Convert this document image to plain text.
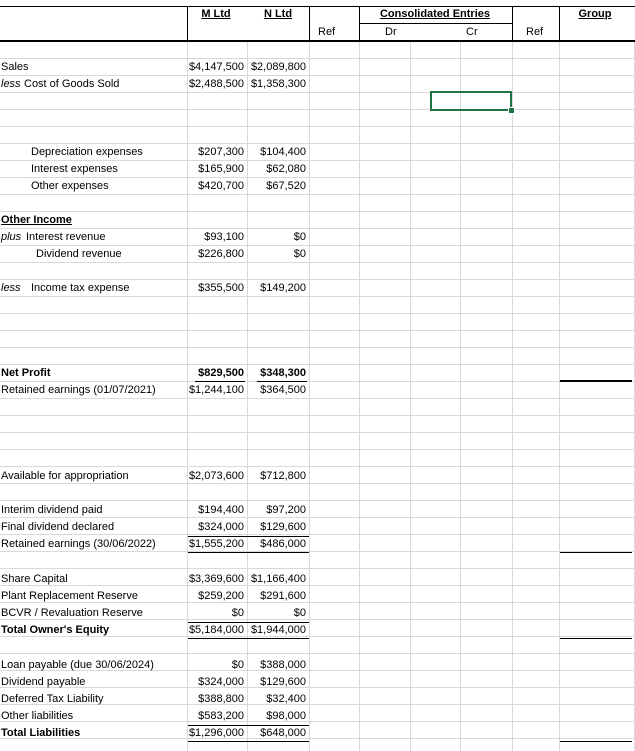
M Ltd	N Ltd	Consolidated Entries	Group
Ref	Dr	Cr	Ref
Sales	$4,147,500 $2,089,800
less Cost of Goods Sold	$2,488,500 $1,358,300
Depreciation expenses	$207,300	$104,400
Interest expenses	$165,900	$62,080
Other expenses	$420,700	$67,520
Other Income
plus Interest revenue	$93,100	$0
Dividend revenue	$226,800	$0
less Income tax expense	$355,500	$149,200
Net Profit	$829,500	$348,300
Retained earnings (01/07/2021)	$1,244,100	$364,500
Available for appropriation	$2,073,600	$712,800
Interim dividend paid	$194,400	$97,200
Final dividend declared	$324,000	$129,600
Retained earnings (30/06/2022)	$1,555,200	$486,000
Share Capital	$3,369,600 $1,166,400
Plant Replacement Reserve	$259,200	$291,600
BCVR / Revaluation Reserve	$0	$0
Total Owner's Equity	$5,184,000 $1,944,000
Loan payable (due 30/06/2024)	$0	$388,000
Dividend payable	$324,000	$129,600
Deferred Tax Liability	$388,800	$32,400
Other liabilities	$583,200	$98,000
Total Liabilities	$1,296,000	$648,000
